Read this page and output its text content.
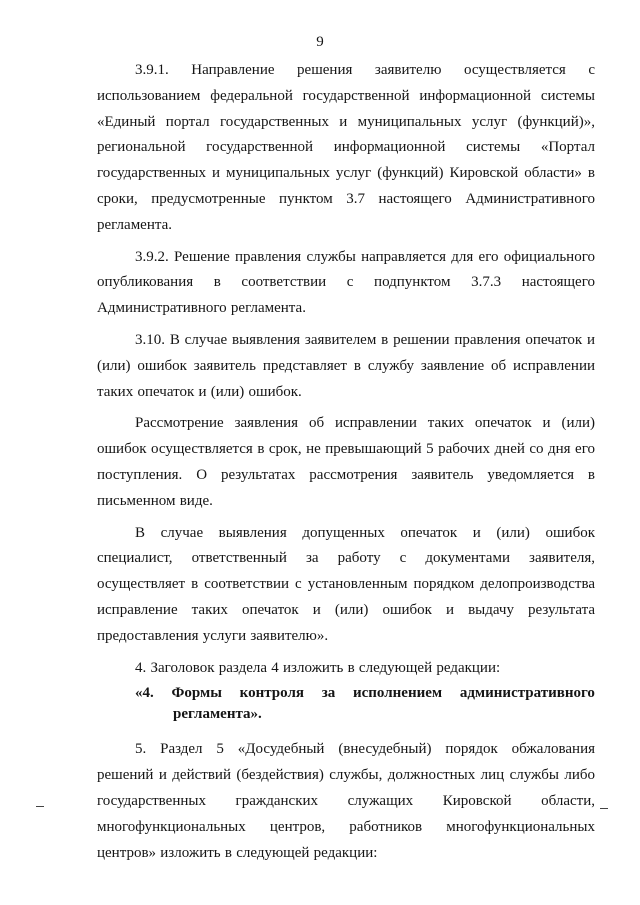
9

3.9.1. Направление решения заявителю осуществляется с использованием федеральной государственной информационной системы «Единый портал государственных и муниципальных услуг (функций)», региональной государственной информационной системы «Портал государственных и муниципальных услуг (функций) Кировской области» в сроки, предусмотренные пунктом 3.7 настоящего Административного регламента.

3.9.2. Решение правления службы направляется для его официального опубликования в соответствии с подпунктом 3.7.3 настоящего Административного регламента.

3.10. В случае выявления заявителем в решении правления опечаток и (или) ошибок заявитель представляет в службу заявление об исправлении таких опечаток и (или) ошибок.

Рассмотрение заявления об исправлении таких опечаток и (или) ошибок осуществляется в срок, не превышающий 5 рабочих дней со дня его поступления. О результатах рассмотрения заявитель уведомляется в письменном виде.

В случае выявления допущенных опечаток и (или) ошибок специалист, ответственный за работу с документами заявителя, осуществляет в соответствии с установленным порядком делопроизводства исправление таких опечаток и (или) ошибок и выдачу результата предоставления услуги заявителю».

4. Заголовок раздела 4 изложить в следующей редакции:

«4. Формы контроля за исполнением административного
регламента».

5. Раздел 5 «Досудебный (внесудебный) порядок обжалования решений и действий (бездействия) службы, должностных лиц службы либо государственных гражданских служащих Кировской области, многофункциональных центров, работников многофункциональных центров» изложить в следующей редакции:
